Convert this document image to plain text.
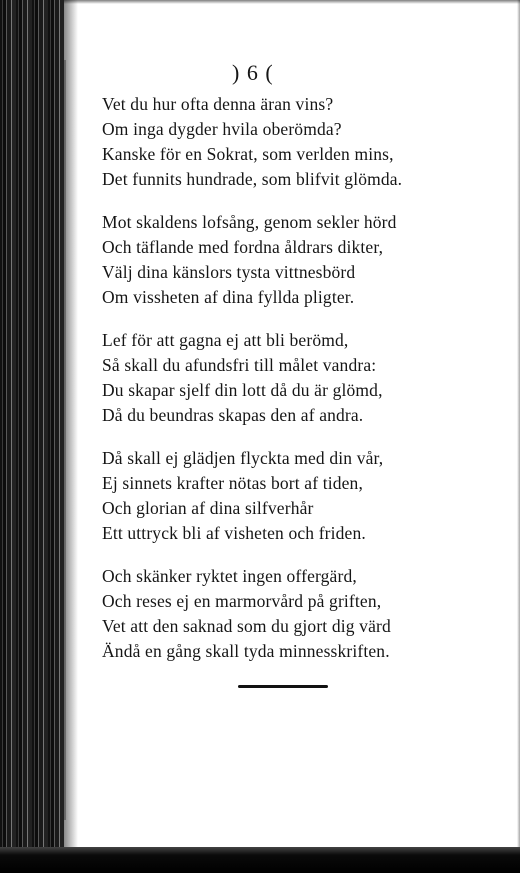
) 6 (
Vet du hur ofta denna äran vins?
Om inga dygder hvila oberömda?
Kanske för en Sokrat, som verlden mins,
Det funnits hundrade, som blifvit glömda.
Mot skaldens lofsång, genom sekler hörd
Och täflande med fordna åldrars dikter,
Välj dina känslors tysta vittnesbörd
Om vissheten af dina fyllda pligter.
Lef för att gagna ej att bli berömd,
Så skall du afundsfri till målet vandra:
Du skapar sjelf din lott då du är glömd,
Då du beundras skapas den af andra.
Då skall ej glädjen flyckta med din vår,
Ej sinnets krafter nötas bort af tiden,
Och glorian af dina silfverhår
Ett uttryck bli af visheten och friden.
Och skänker ryktet ingen offergärd,
Och reses ej en marmorvård på griften,
Vet att den saknad som du gjort dig värd
Ändå en gång skall tyda minnesskriften.
